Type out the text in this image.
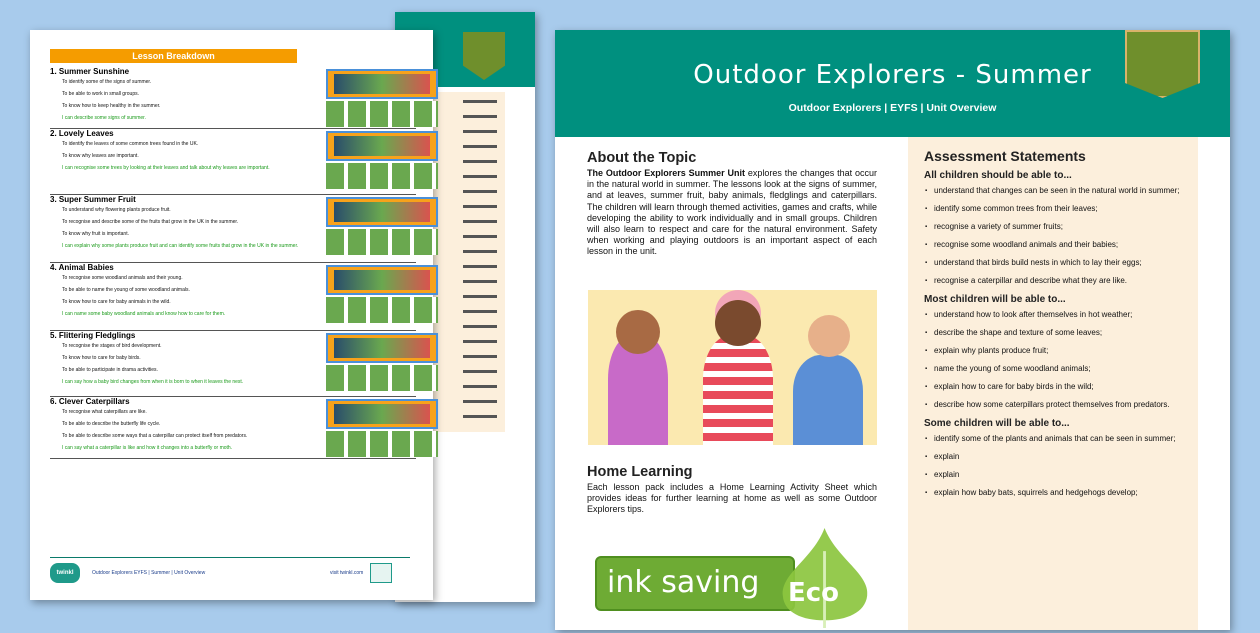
Lesson Breakdown
1. Summer Sunshine
To identify some of the signs of summer.
To be able to work in small groups.
To know how to keep healthy in the summer.
I can describe some signs of summer.
2. Lovely Leaves
To identify the leaves of some common trees found in the UK.
To know why leaves are important.
I can recognise some trees by looking at their leaves and talk about why leaves are important.
3. Super Summer Fruit
To understand why flowering plants produce fruit.
To recognise and describe some of the fruits that grow in the UK in the summer.
To know why fruit is important.
I can explain why some plants produce fruit and can identify some fruits that grow in the UK in the summer.
4. Animal Babies
To recognise some woodland animals and their young.
To be able to name the young of some woodland animals.
To know how to care for baby animals in the wild.
I can name some baby woodland animals and know how to care for them.
5. Flittering Fledglings
To recognise the stages of bird development.
To know how to care for baby birds.
To be able to participate in drama activities.
I can say how a baby bird changes from when it is born to when it leaves the nest.
6. Clever Caterpillars
To recognise what caterpillars are like.
To be able to describe the butterfly life cycle.
To be able to describe some ways that a caterpillar can protect itself from predators.
I can say what a caterpillar is like and how it changes into a butterfly or moth.
twinkl EYFS
Outdoor Explorers EYFS | Summer | Unit Overview	visit twinkl.com
Outdoor Explorers - Summer

Outdoor Explorers | EYFS | Unit Overview

About the Topic

The Outdoor Explorers Summer Unit explores the changes that occur in the natural world in summer. The lessons look at the signs of summer, and at leaves, summer fruit, baby animals, fledglings and caterpillars. The children will learn through themed activities, games and crafts, while developing the ability to work individually and in small groups. Children will also learn to respect and care for the natural environment. Safety when working and playing outdoors is an important aspect of each lesson in the unit.

Home Learning

Each lesson pack includes a Home Learning Activity Sheet which provides ideas for further learning at home as well as some Outdoor Explorers tips.

Assessment Statements
All children should be able to...
▪ understand that changes can be seen in the natural world in summer;
▪ identify some common trees from their leaves;
▪ recognise a variety of summer fruits;
▪ recognise some woodland animals and their babies;
▪ understand that birds build nests in which to lay their eggs;
▪ recognise a caterpillar and describe what they are like.
Most children will be able to...
▪ understand how to look after themselves in hot weather;
▪ describe the shape and texture of some leaves;
▪ explain why plants produce fruit;
▪ name the young of some woodland animals;
▪ explain how to care for baby birds in the wild;
▪ describe how some caterpillars protect themselves from predators.
Some children will be able to...
▪ identify some of the plants and animals that can be seen in summer;
▪ explain
▪ explain
▪ explain how baby bats, squirrels and hedgehogs develop;
ink saving	Eco
